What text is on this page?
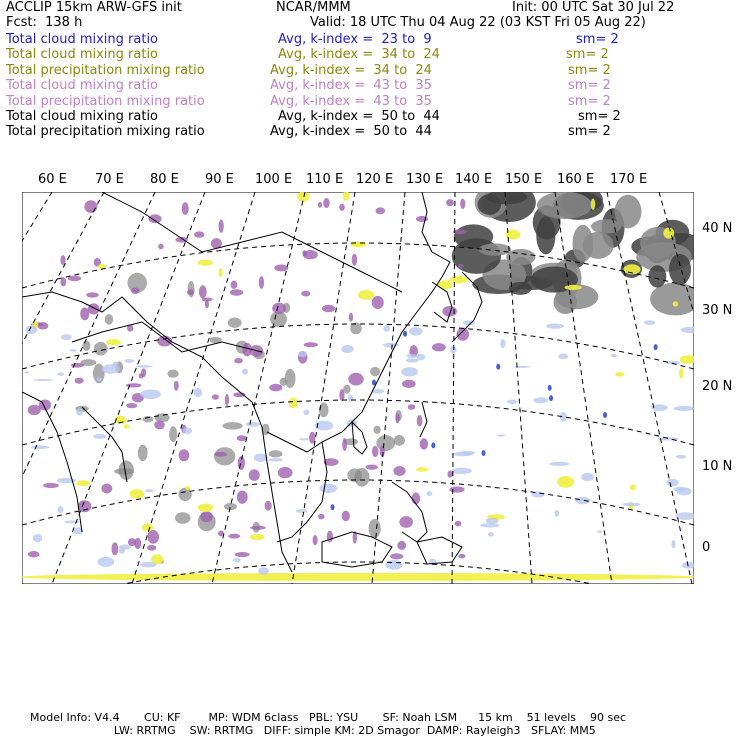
ACCLIP 15km ARW-GFS init	NCAR/MMM	Init: 00 UTC Sat 30 Jul 22
Fcst:  138 h	Valid: 18 UTC Thu 04 Aug 22 (03 KST Fri 05 Aug 22)
Total cloud mixing ratio	Avg, k-index =  23 to  9	sm= 2
Total cloud mixing ratio	Avg, k-index =  34 to  24	sm= 2
Total precipitation mixing ratio	Avg, k-index =  34 to  24	sm= 2
Total cloud mixing ratio	Avg, k-index =  43 to  35	sm= 2
Total precipitation mixing ratio	Avg, k-index =  43 to  35	sm= 2
Total cloud mixing ratio	Avg, k-index =  50 to  44	sm= 2
Total precipitation mixing ratio	Avg, k-index =  50 to  44	sm= 2
60 E 70 E 80 E 90 E 100 E 110 E 120 E 130 E 140 E 150 E 160 E 170 E
40 N
30 N
20 N
10 N
0
Model Info: V4.4       CU: KF        MP: WDM 6class   PBL: YSU       SF: Noah LSM      15 km    51 levels    90 sec
LW: RRTMG    SW: RRTMG   DIFF: simple KM: 2D Smagor  DAMP: Rayleigh3   SFLAY: MM5
